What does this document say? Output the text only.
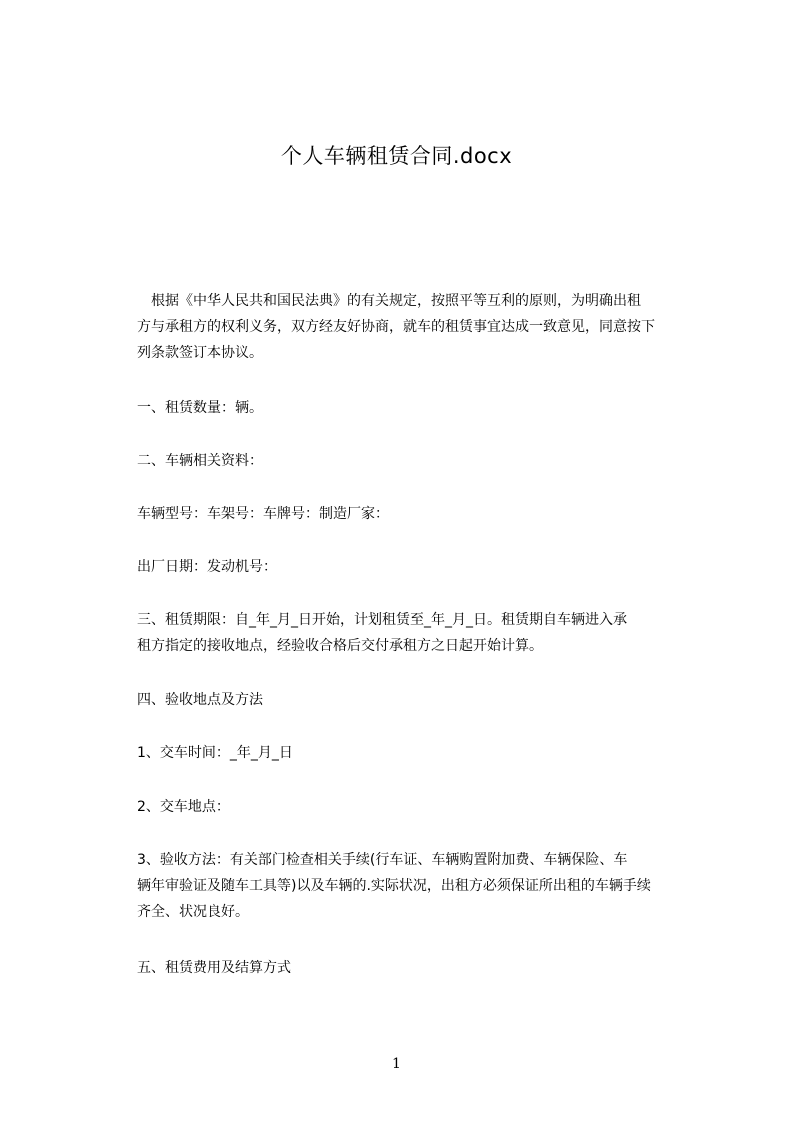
个人车辆租赁合同.docx
　根据《中华人民共和国民法典》的有关规定，按照平等互利的原则，为明确出租
方与承租方的权利义务，双方经友好协商，就车的租赁事宜达成一致意见，同意按下
列条款签订本协议。
一、租赁数量：辆。
二、车辆相关资料：
车辆型号：车架号：车牌号：制造厂家：
出厂日期：发动机号：
三、租赁期限：自_年_月_日开始，计划租赁至_年_月_日。租赁期自车辆进入承
租方指定的接收地点，经验收合格后交付承租方之日起开始计算。
四、验收地点及方法
1、交车时间：_年_月_日
2、交车地点：
3、验收方法：有关部门检查相关手续(行车证、车辆购置附加费、车辆保险、车
辆年审验证及随车工具等)以及车辆的.实际状况，出租方必须保证所出租的车辆手续
齐全、状况良好。
五、租赁费用及结算方式
1
